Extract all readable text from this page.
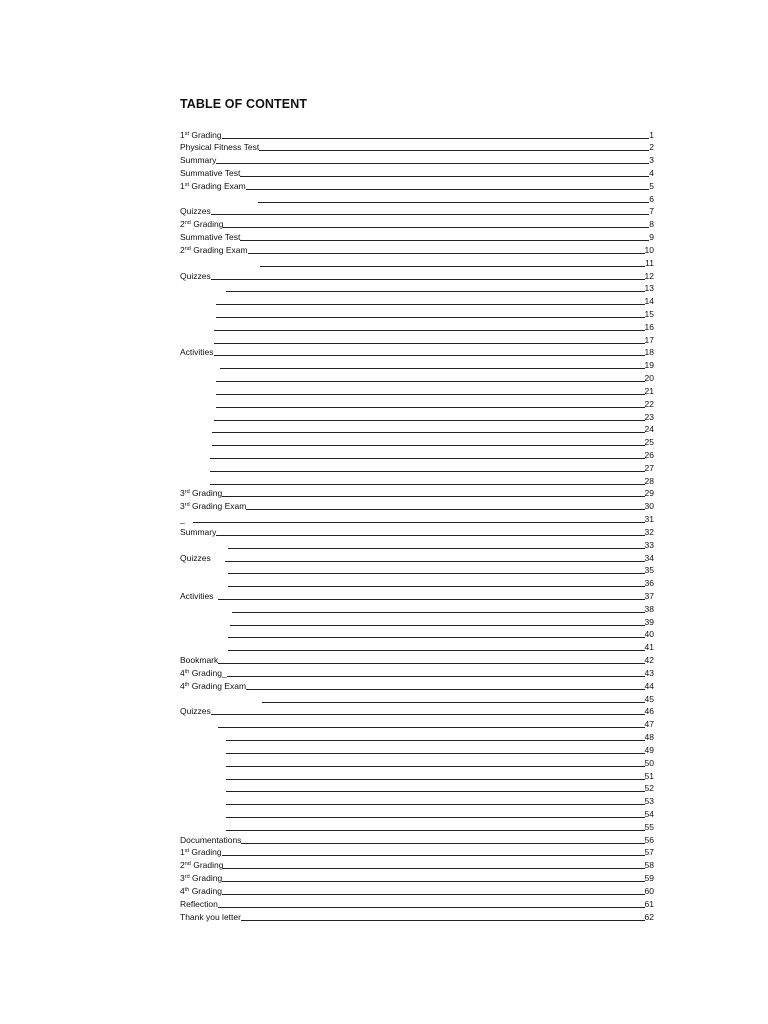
TABLE OF CONTENT
1st Grading	1
Physical Fitness Test	2
Summary	3
Summative Test	4
1st Grading Exam	5
6
Quizzes	7
2nd Grading	8
Summative Test	9
2nd Grading Exam	10
11
Quizzes	12
13
14
15
16
17
Activities	18
19
20
21
22
23
24
25
26
27
28
3rd Grading	29
3rd Grading Exam	30
_	31
Summary	32
33
Quizzes	34
35
36
Activities	37
38
39
40
41
Bookmark	42
4th Grading_	43
4th Grading Exam	44
45
Quizzes	46
47
48
49
50
51
52
53
54
55
Documentations	56
1st Grading	57
2nd Grading	58
3rd Grading	59
4th Grading	60
Reflection	61
Thank you letter	62
